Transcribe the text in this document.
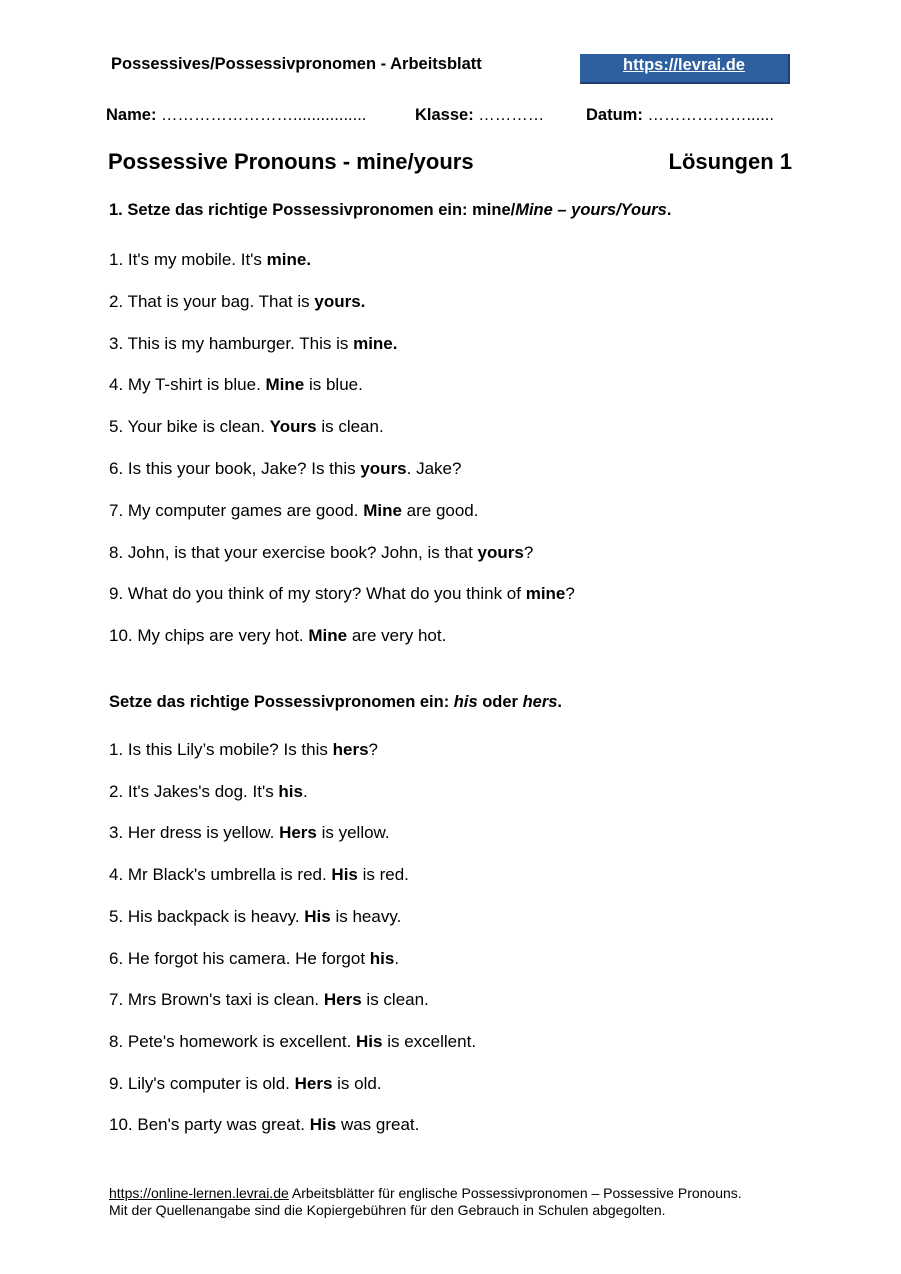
Possessives/Possessivpronomen - Arbeitsblatt	https://levrai.de
Name: ……………………................	Klasse: …………	Datum: ………………......
Possessive Pronouns - mine/yours	Lösungen 1
1. Setze das richtige Possessivpronomen ein: mine/Mine – yours/Yours.
1. It's my mobile. It's mine.
2. That is your bag. That is yours.
3. This is my hamburger. This is mine.
4. My T-shirt is blue. Mine is blue.
5. Your bike is clean. Yours is clean.
6. Is this your book, Jake? Is this yours. Jake?
7. My computer games are good. Mine are good.
8. John, is that your exercise book? John, is that yours?
9. What do you think of my story? What do you think of mine?
10. My chips are very hot. Mine are very hot.
Setze das richtige Possessivpronomen ein: his oder hers.
1. Is this Lily’s mobile? Is this hers?
2. It's Jakes's dog. It's his.
3. Her dress is yellow. Hers is yellow.
4. Mr Black's umbrella is red. His is red.
5. His backpack is heavy. His is heavy.
6. He forgot his camera. He forgot his.
7. Mrs Brown's taxi is clean. Hers is clean.
8. Pete's homework is excellent. His is excellent.
9. Lily's computer is old. Hers is old.
10. Ben's party was great. His was great.
https://online-lernen.levrai.de Arbeitsblätter für englische Possessivpronomen – Possessive Pronouns.
Mit der Quellenangabe sind die Kopiergebühren für den Gebrauch in Schulen abgegolten.
